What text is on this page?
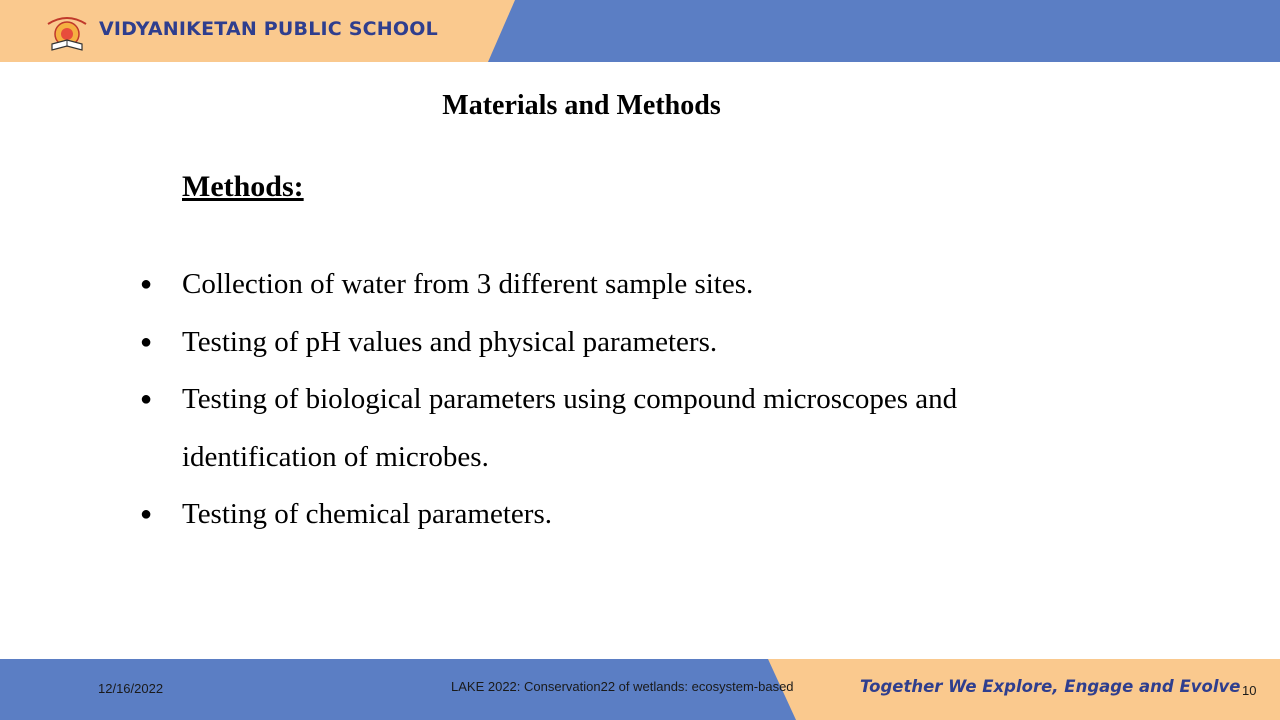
VIDYANIKETAN PUBLIC SCHOOL
Materials and Methods
Methods:
● Collection of water from 3 different sample sites.
● Testing of pH values and physical parameters.
● Testing of biological parameters using compound microscopes and identification of microbes.
● Testing of chemical parameters.
12/16/2022	LAKE 2022: Conservation22 of wetlands: ecosystem-based	Together We Explore, Engage and Evolve 10
